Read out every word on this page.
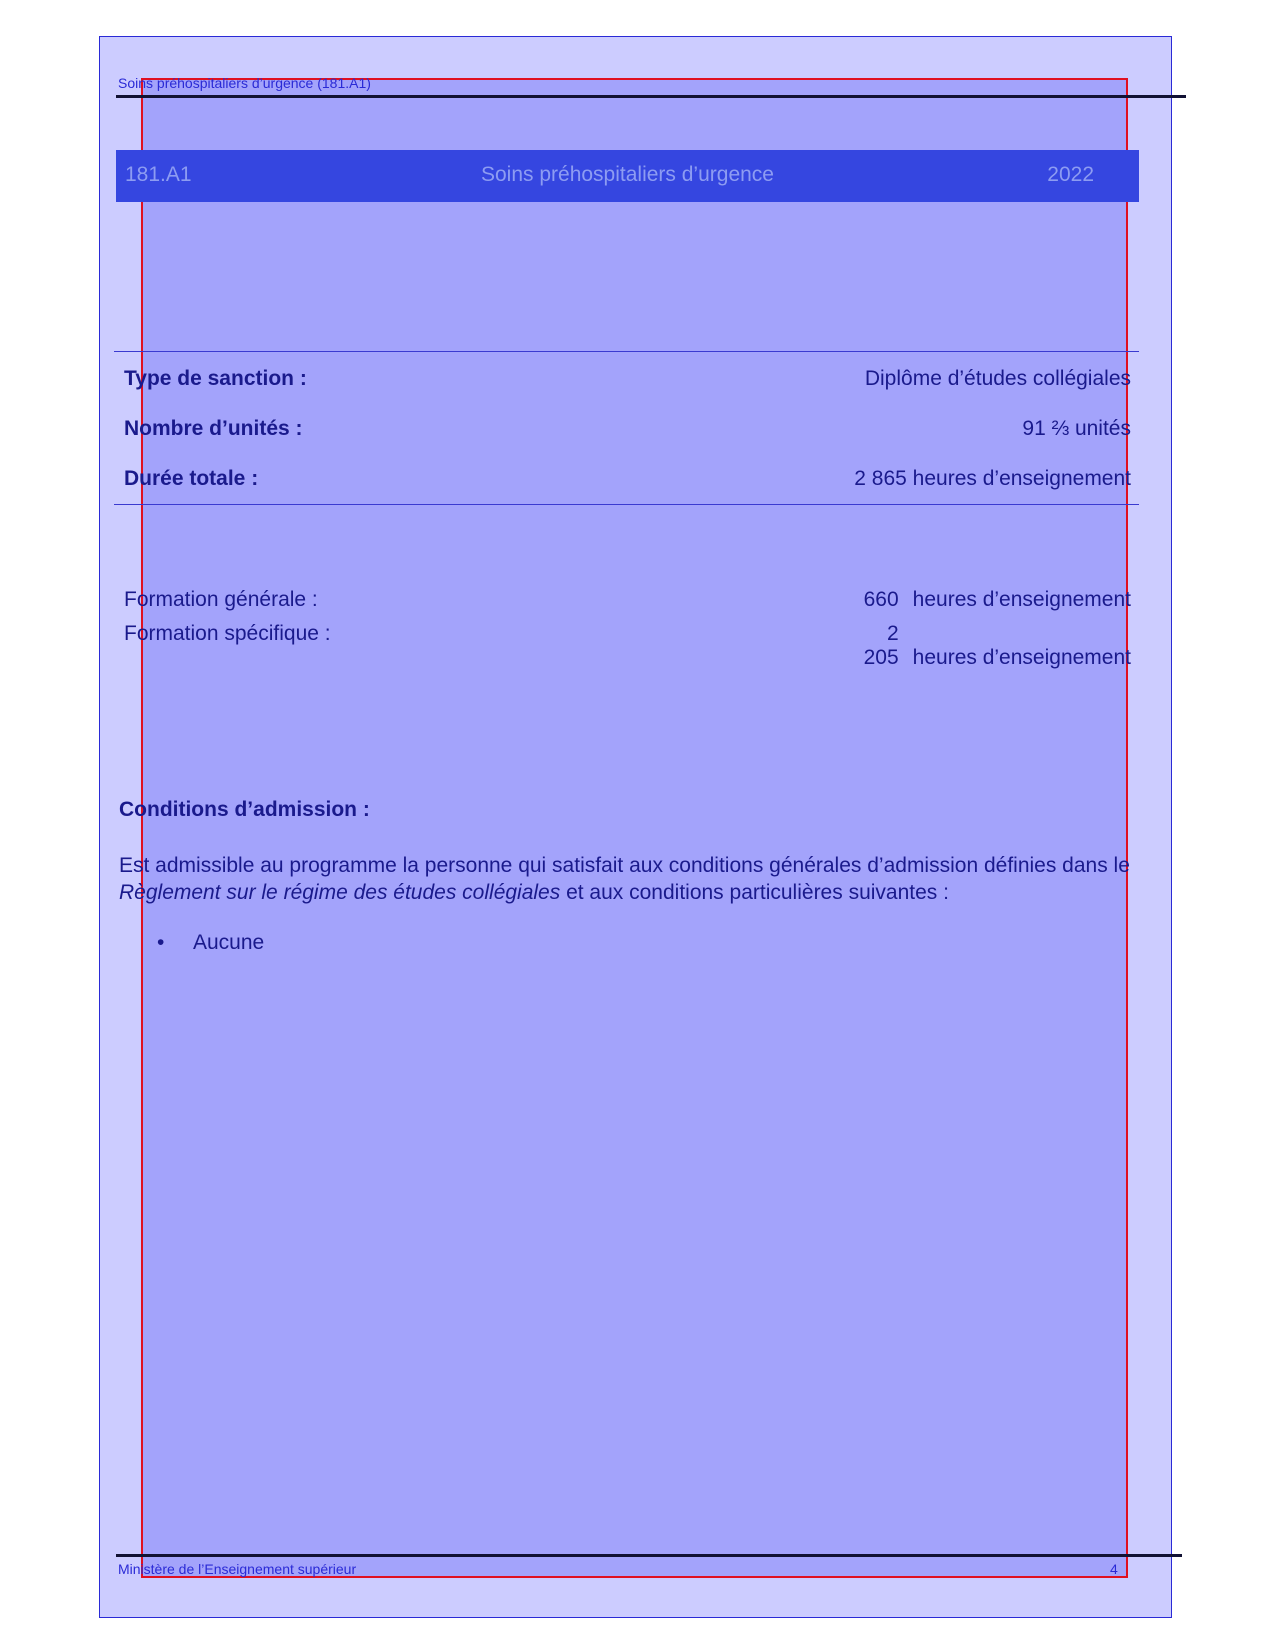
Soins préhospitaliers d’urgence (181.A1)
Soins préhospitaliers d’urgence
181.A1	2022
Type de sanction :	Diplôme d’études collégiales
Nombre d’unités :	91 ⅔ unités
Durée totale :	2 865 heures d’enseignement
Formation générale :	660 heures d’enseignement
Formation spécifique :	2 205 heures d’enseignement
Conditions d’admission :
Est admissible au programme la personne qui satisfait aux conditions générales d’admission définies dans le Règlement sur le régime des études collégiales et aux conditions particulières suivantes :
• Aucune
Ministère de l’Enseignement supérieur	4
